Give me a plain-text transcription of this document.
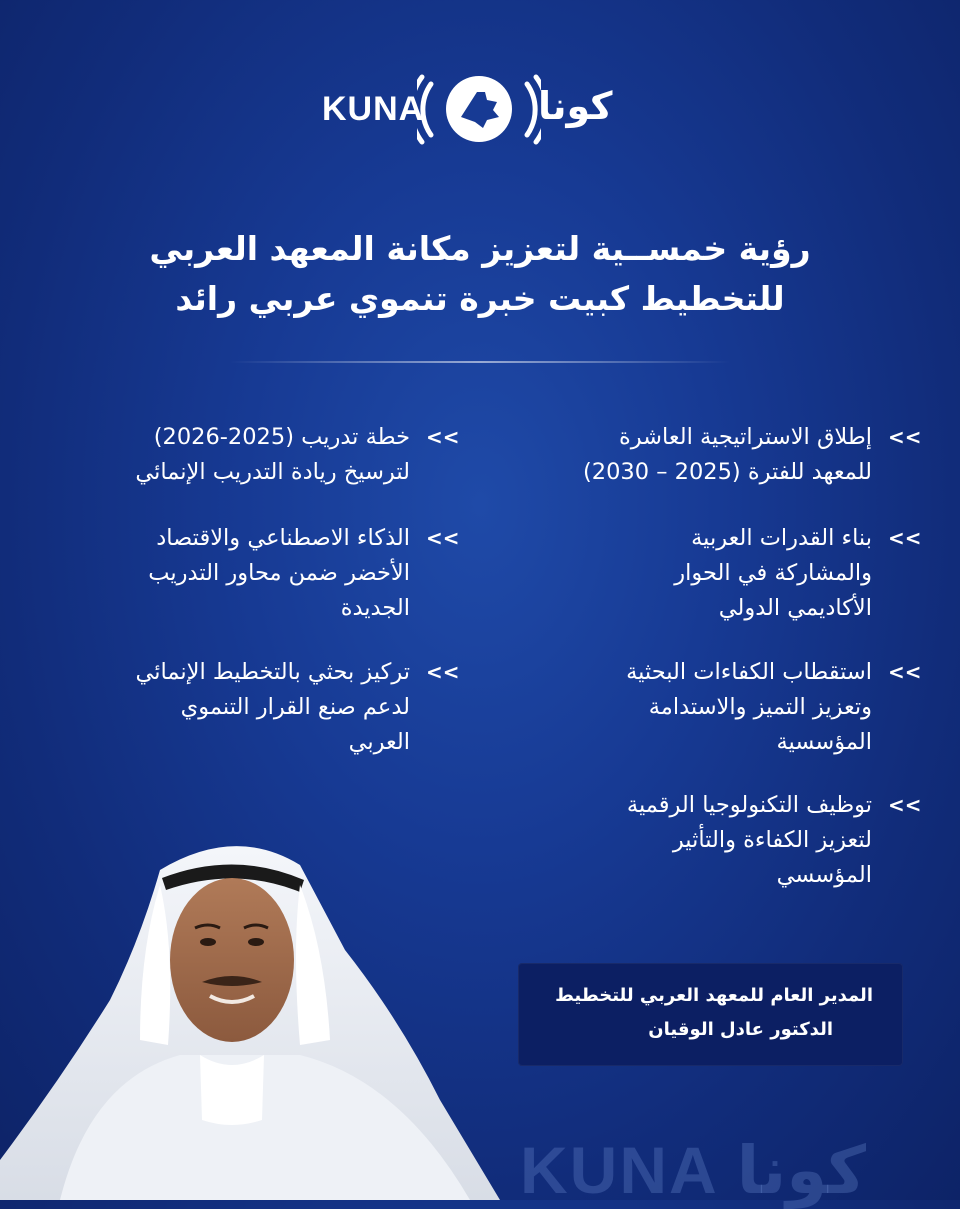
KUNA	كونا
رؤية خمســية لتعزيز مكانة المعهد العربي
للتخطيط كبيت خبرة تنموي عربي رائد
<<
إطلاق الاستراتيجية العاشرة
للمعهد للفترة (2025 – 2030)
<<
بناء القدرات العربية
والمشاركة في الحوار
الأكاديمي الدولي
<<
استقطاب الكفاءات البحثية
وتعزيز التميز والاستدامة
المؤسسية
<<
توظيف التكنولوجيا الرقمية
لتعزيز الكفاءة والتأثير
المؤسسي
<<
خطة تدريب (2025-2026)
لترسيخ ريادة التدريب الإنمائي
<<
الذكاء الاصطناعي والاقتصاد
الأخضر ضمن محاور التدريب
الجديدة
<<
تركيز بحثي بالتخطيط الإنمائي
لدعم صنع القرار التنموي
العربي
المدير العام للمعهد العربي للتخطيط
الدكتور عادل الوقيان
KUNA كونا
